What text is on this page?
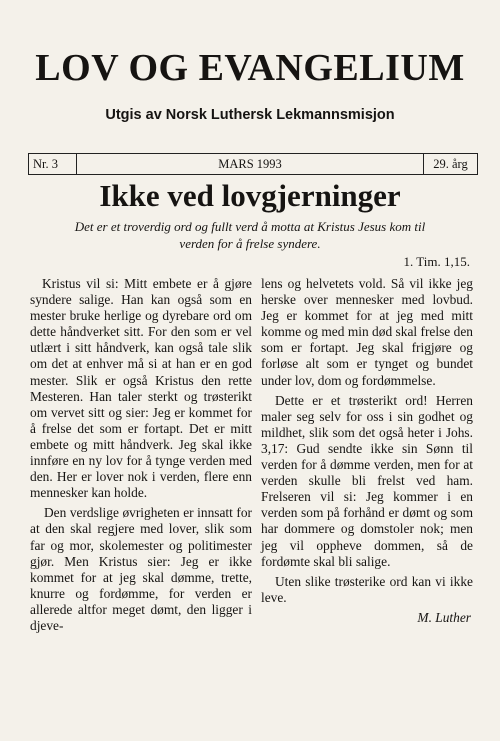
LOV OG EVANGELIUM
Utgis av Norsk Luthersk Lekmannsmisjon
Nr. 3	MARS 1993	29. årg
Ikke ved lovgjerninger
Det er et troverdig ord og fullt verd å motta at Kristus Jesus kom til verden for å frelse syndere.
1. Tim. 1,15.

Kristus vil si: Mitt embete er å gjøre syndere salige. Han kan også som en mester bruke herlige og dyrebare ord om dette håndverket sitt. For den som er vel utlært i sitt håndverk, kan også tale slik om det at enhver må si at han er en god mester. Slik er også Kristus den rette Mesteren. Han taler sterkt og trøsterikt om vervet sitt og sier: Jeg er kommet for å frelse det som er fortapt. Det er mitt embete og mitt håndverk. Jeg skal ikke innføre en ny lov for å tynge verden med den. Her er lover nok i verden, flere enn mennesker kan holde.

Den verdslige øvrigheten er innsatt for at den skal regjere med lover, slik som far og mor, skolemester og politimester gjør. Men Kristus sier: Jeg er ikke kommet for at jeg skal dømme, trette, knurre og fordømme, for verden er allerede altfor meget dømt, den ligger i djeve-

lens og helvetets vold. Så vil ikke jeg herske over mennesker med lovbud. Jeg er kommet for at jeg med mitt komme og med min død skal frelse den som er fortapt. Jeg skal frigjøre og forløse alt som er tynget og bundet under lov, dom og fordømmelse.

Dette er et trøsterikt ord! Herren maler seg selv for oss i sin godhet og mildhet, slik som det også heter i Johs. 3,17: Gud sendte ikke sin Sønn til verden for å dømme verden, men for at verden skulle bli frelst ved ham. Frelseren vil si: Jeg kommer i en verden som på forhånd er dømt og som har dommere og domstoler nok; men jeg vil oppheve dommen, så de fordømte skal bli salige.

Uten slike trøsterike ord kan vi ikke leve.

M. Luther
